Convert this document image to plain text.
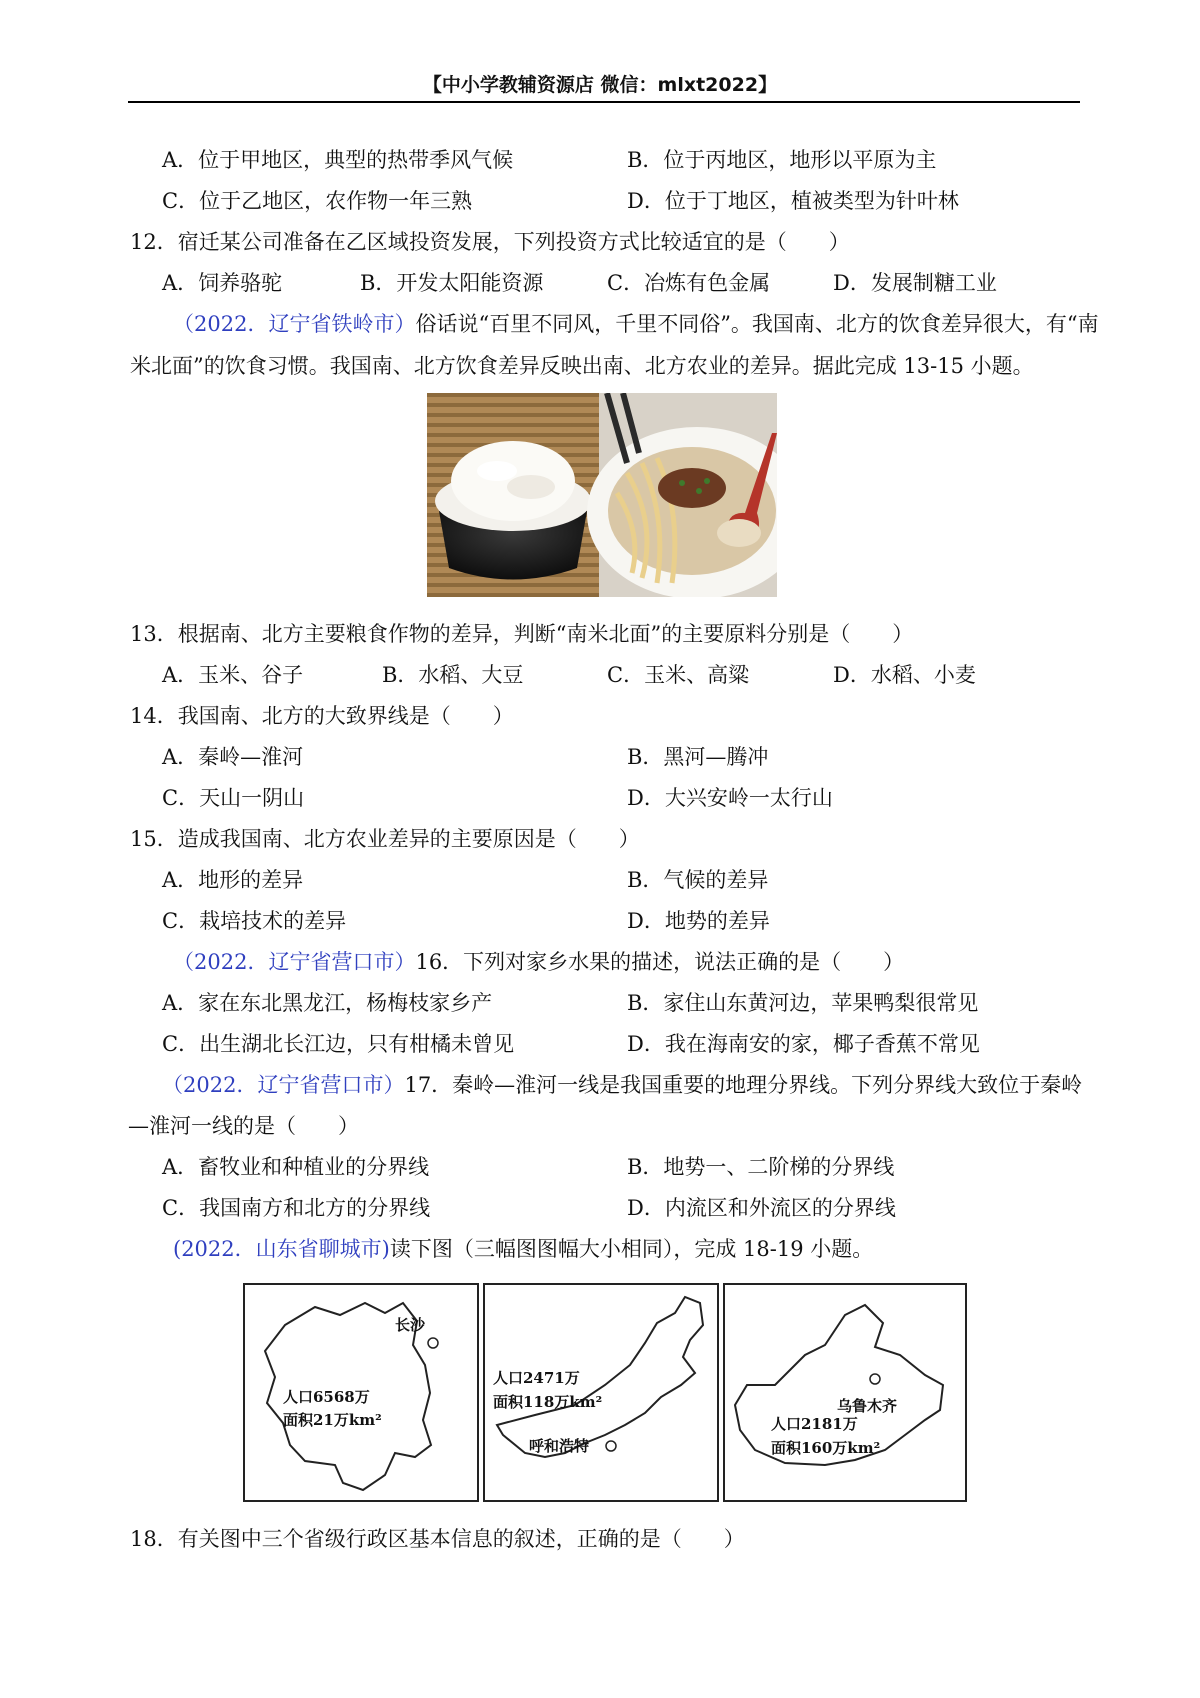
【中小学教辅资源店 微信：mlxt2022】
A．位于甲地区，典型的热带季风气候	B．位于丙地区，地形以平原为主
C．位于乙地区，农作物一年三熟	D．位于丁地区，植被类型为针叶林
12．宿迁某公司准备在乙区域投资发展，下列投资方式比较适宜的是（　　）
A．饲养骆驼	B．开发太阳能资源	C．冶炼有色金属	D．发展制糖工业
（2022．辽宁省铁岭市）俗话说“百里不同风，千里不同俗”。我国南、北方的饮食差异很大，有“南
米北面”的饮食习惯。我国南、北方饮食差异反映出南、北方农业的差异。据此完成 13-15 小题。
13．根据南、北方主要粮食作物的差异，判断“南米北面”的主要原料分别是（　　）
A．玉米、谷子	B．水稻、大豆	C．玉米、高粱	D．水稻、小麦
14．我国南、北方的大致界线是（　　）
A．秦岭—淮河	B．黑河—腾冲
C．天山一阴山	D．大兴安岭一太行山
15．造成我国南、北方农业差异的主要原因是（　　）
A．地形的差异	B．气候的差异
C．栽培技术的差异	D．地势的差异
（2022．辽宁省营口市）16．下列对家乡水果的描述，说法正确的是（　　）
A．家在东北黑龙江，杨梅枝家乡产	B．家住山东黄河边，苹果鸭梨很常见
C．出生湖北长江边，只有柑橘未曾见	D．我在海南安的家，椰子香蕉不常见
（2022．辽宁省营口市）17．秦岭—淮河一线是我国重要的地理分界线。下列分界线大致位于秦岭
—淮河一线的是（　　）
A．畜牧业和种植业的分界线	B．地势一、二阶梯的分界线
C．我国南方和北方的分界线	D．内流区和外流区的分界线
(2022．山东省聊城市)读下图（三幅图图幅大小相同），完成 18-19 小题。
长沙
人口6568万
面积21万km²
人口2471万
面积118万km²
呼和浩特
乌鲁木齐
人口2181万
面积160万km²
18．有关图中三个省级行政区基本信息的叙述，正确的是（　　）
